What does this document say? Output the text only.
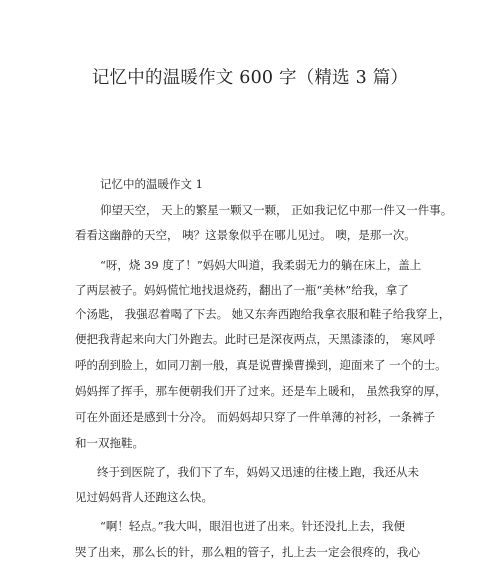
记忆中的温暖作文 600 字（精选 3 篇）
记忆中的温暖作文 1
仰望天空， 天上的繁星一颗又一颗， 正如我记忆中那一件又一件事。
看看这幽静的天空， 咦？这景象似乎在哪儿见过。 噢，是那一次。
“呀，烧 39 度了！”妈妈大叫道，我柔弱无力的躺在床上，盖上
了两层被子。妈妈慌忙地找退烧药，翻出了一瓶“美林”给我，拿了
个汤匙， 我强忍着喝了下去。 她又东奔西跑给我拿衣服和鞋子给我穿上，
便把我背起来向大门外跑去。此时已是深夜两点，天黑漆漆的， 寒风呼
呼的刮到脸上，如同刀割一般，真是说曹操曹操到，迎面来了 一个的士。
妈妈挥了挥手，那车便朝我们开了过来。还是车上暖和， 虽然我穿的厚，
可在外面还是感到十分冷。 而妈妈却只穿了一件单薄的衬衫，一条裤子
和一双拖鞋。
终于到医院了，我们下了车，妈妈又迅速的往楼上跑，我还从未
见过妈妈背人还跑这么快。
“啊！轻点。”我大叫，眼泪也迸了出来。针还没扎上去，我便
哭了出来，那么长的针，那么粗的管子，扎上去一定会很疼的，我心
